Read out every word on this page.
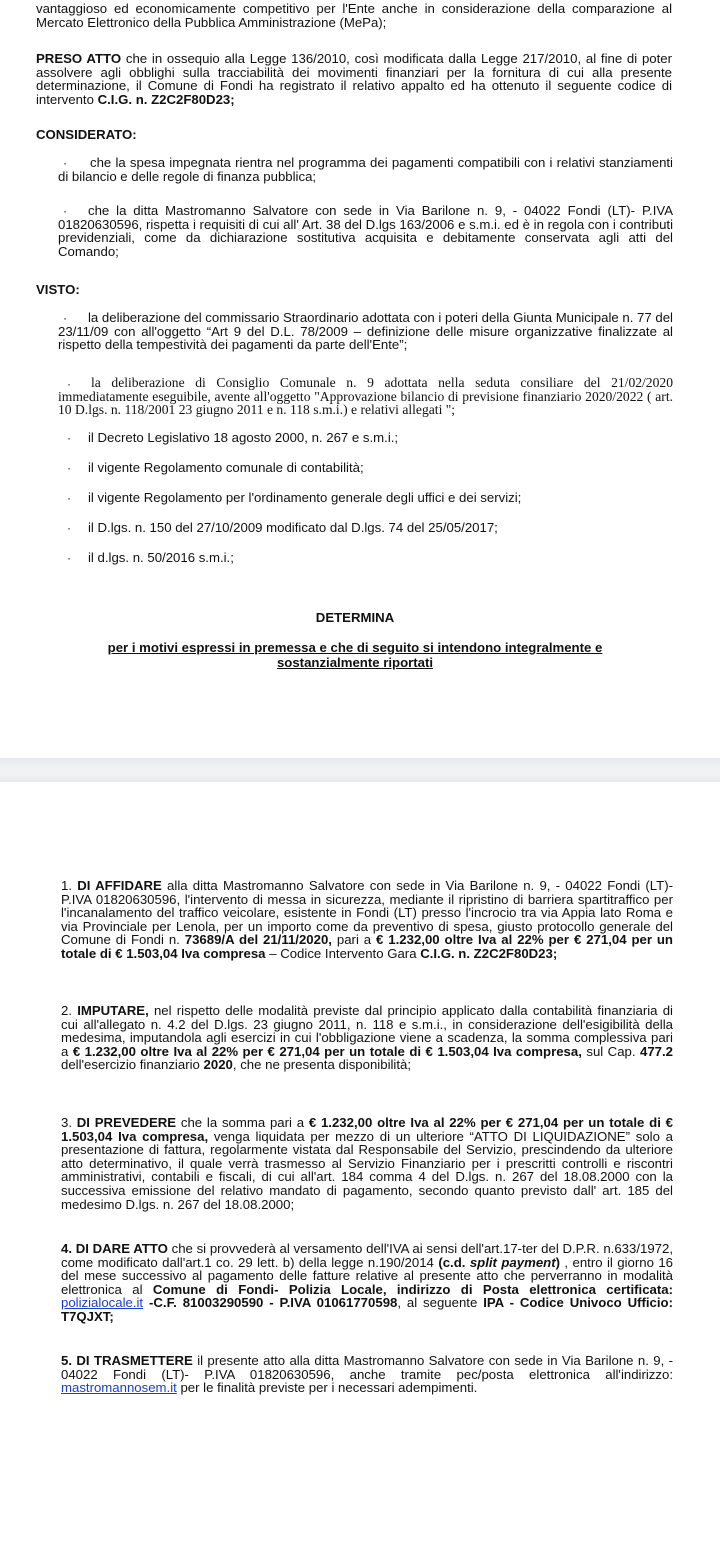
vantaggioso ed economicamente competitivo per l'Ente anche in considerazione della comparazione al Mercato Elettronico della Pubblica Amministrazione (MePa);

PRESO ATTO che in ossequio alla Legge 136/2010, così modificata dalla Legge 217/2010, al fine di poter assolvere agli obblighi sulla tracciabilità dei movimenti finanziari per la fornitura di cui alla presente determinazione, il Comune di Fondi ha registrato il relativo appalto ed ha ottenuto il seguente codice di intervento C.I.G. n. Z2C2F80D23;

CONSIDERATO:

·	che la spesa impegnata rientra nel programma dei pagamenti compatibili con i relativi stanziamenti di bilancio e delle regole di finanza pubblica;

·	che la ditta Mastromanno Salvatore con sede in Via Barilone n. 9, - 04022 Fondi (LT)- P.IVA 01820630596, rispetta i requisiti di cui all' Art. 38 del D.lgs 163/2006 e s.m.i. ed è in regola con i contributi previdenziali, come da dichiarazione sostitutiva acquisita e debitamente conservata agli atti del Comando;

VISTO:

·	la deliberazione del commissario Straordinario adottata con i poteri della Giunta Municipale n. 77 del 23/11/09 con all'oggetto “Art 9 del D.L. 78/2009 – definizione delle misure organizzative finalizzate al rispetto della tempestività dei pagamenti da parte dell'Ente”;

·	la deliberazione di Consiglio Comunale n. 9 adottata nella seduta consiliare del 21/02/2020 immediatamente eseguibile, avente all'oggetto "Approvazione bilancio di previsione finanziario 2020/2022 ( art. 10 D.lgs. n. 118/2001 23 giugno 2011 e n. 118 s.m.i.) e relativi allegati ";

· il Decreto Legislativo 18 agosto 2000, n. 267 e s.m.i.;

· il vigente Regolamento comunale di contabilità;

· il vigente Regolamento per l'ordinamento generale degli uffici e dei servizi;

· il D.lgs. n. 150 del 27/10/2009 modificato dal D.lgs. 74 del 25/05/2017;

· il d.lgs. n. 50/2016 s.m.i.;

DETERMINA

per i motivi espressi in premessa e che di seguito si intendono integralmente e

sostanzialmente riportati

1. DI AFFIDARE alla ditta Mastromanno Salvatore con sede in Via Barilone n. 9, - 04022 Fondi (LT)- P.IVA 01820630596, l'intervento di messa in sicurezza, mediante il ripristino di barriera spartitraffico per l'incanalamento del traffico veicolare, esistente in Fondi (LT) presso l'incrocio tra via Appia lato Roma e via Provinciale per Lenola, per un importo come da preventivo di spesa, giusto protocollo generale del Comune di Fondi n. 73689/A del 21/11/2020, pari a € 1.232,00 oltre Iva al 22% per € 271,04 per un totale di € 1.503,04 Iva compresa – Codice Intervento Gara C.I.G. n. Z2C2F80D23;

2. IMPUTARE, nel rispetto delle modalità previste dal principio applicato dalla contabilità finanziaria di cui all'allegato n. 4.2 del D.lgs. 23 giugno 2011, n. 118 e s.m.i., in considerazione dell'esigibilità della medesima, imputandola agli esercizi in cui l'obbligazione viene a scadenza, la somma complessiva pari a € 1.232,00 oltre Iva al 22% per € 271,04 per un totale di € 1.503,04 Iva compresa, sul Cap. 477.2 dell'esercizio finanziario 2020, che ne presenta disponibilità;

3. DI PREVEDERE che la somma pari a € 1.232,00 oltre Iva al 22% per € 271,04 per un totale di € 1.503,04 Iva compresa, venga liquidata per mezzo di un ulteriore “ATTO DI LIQUIDAZIONE” solo a presentazione di fattura, regolarmente vistata dal Responsabile del Servizio, prescindendo da ulteriore atto determinativo, il quale verrà trasmesso al Servizio Finanziario per i prescritti controlli e riscontri amministrativi, contabili e fiscali, di cui all'art. 184 comma 4 del D.lgs. n. 267 del 18.08.2000 con la successiva emissione del relativo mandato di pagamento, secondo quanto previsto dall' art. 185 del medesimo D.lgs. n. 267 del 18.08.2000;

4. DI DARE ATTO che si provvederà al versamento dell'IVA ai sensi dell'art.17-ter del D.P.R. n.633/1972, come modificato dall'art.1 co. 29 lett. b) della legge n.190/2014 (c.d. split payment) , entro il giorno 16 del mese successivo al pagamento delle fatture relative al presente atto che perverranno in modalità elettronica al Comune di Fondi- Polizia Locale, indirizzo di Posta elettronica certificata: polizialocale.it -C.F. 81003290590 - P.IVA 01061770598, al seguente IPA - Codice Univoco Ufficio: T7QJXT;

5. DI TRASMETTERE il presente atto alla ditta Mastromanno Salvatore con sede in Via Barilone n. 9, - 04022 Fondi (LT)- P.IVA 01820630596, anche tramite pec/posta elettronica all'indirizzo: mastromannosem.it per le finalità previste per i necessari adempimenti.
